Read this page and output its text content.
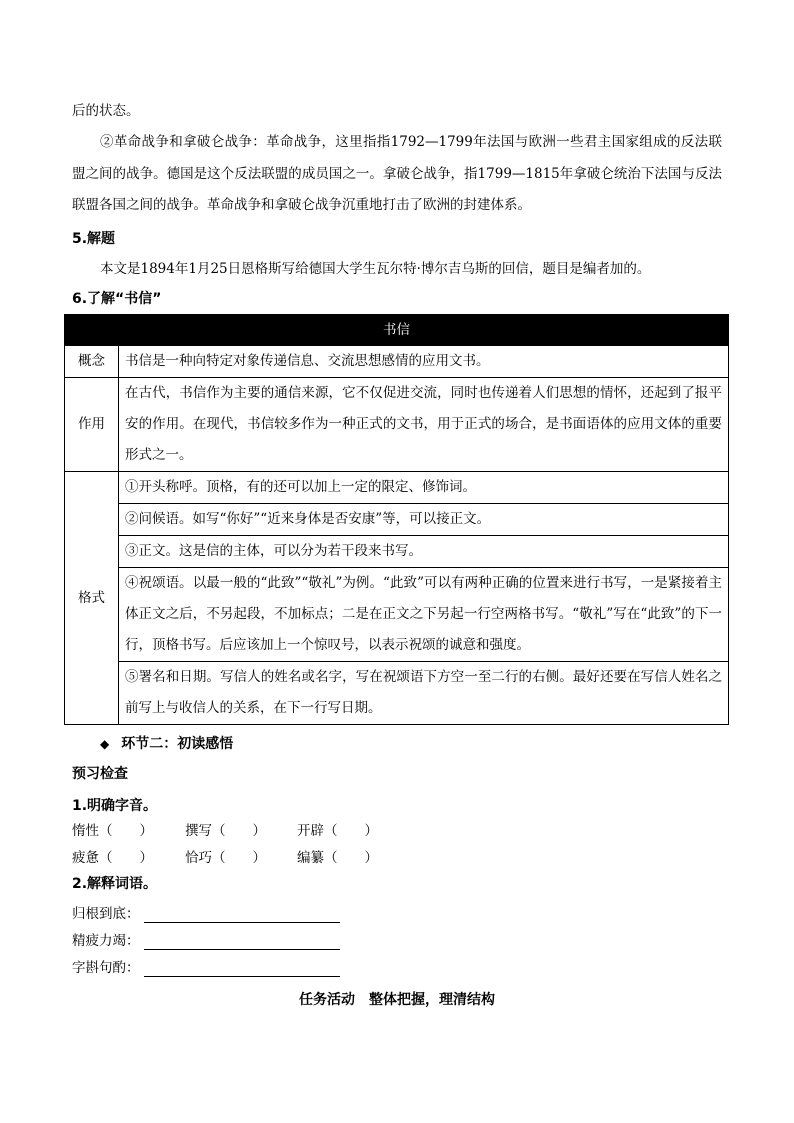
后的状态。
②革命战争和拿破仑战争：革命战争，这里指指1792—1799年法国与欧洲一些君主国家组成的反法联盟之间的战争。德国是这个反法联盟的成员国之一。拿破仑战争，指1799—1815年拿破仑统治下法国与反法联盟各国之间的战争。革命战争和拿破仑战争沉重地打击了欧洲的封建体系。
5.解题
本文是1894年1月25日恩格斯写给德国大学生瓦尔特·博尔吉乌斯的回信，题目是编者加的。
6.了解“书信”
书信	
概念	书信是一种向特定对象传递信息、交流思想感情的应用文书。
作用	在古代，书信作为主要的通信来源，它不仅促进交流，同时也传递着人们思想的情怀，还起到了报平安的作用。在现代，书信较多作为一种正式的文书，用于正式的场合，是书面语体的应用文体的重要形式之一。
格式	①开头称呼。顶格，有的还可以加上一定的限定、修饰词。
	②问候语。如写“你好”“近来身体是否安康”等，可以接正文。
	③正文。这是信的主体，可以分为若干段来书写。
	④祝颂语。以最一般的“此致”“敬礼”为例。“此致”可以有两种正确的位置来进行书写，一是紧接着主体正文之后，不另起段，不加标点；二是在正文之下另起一行空两格书写。“敬礼”写在“此致”的下一行，顶格书写。后应该加上一个惊叹号，以表示祝颂的诚意和强度。
	⑤署名和日期。写信人的姓名或名字，写在祝颂语下方空一至二行的右侧。最好还要在写信人姓名之前写上与收信人的关系，在下一行写日期。
◆ 环节二：初读感悟
预习检查
1.明确字音。
惰性（　　） 撰写（　　） 开辟（　　）
疲惫（　　） 恰巧（　　） 编纂（　　）
2.解释词语。
归根到底：
精疲力竭：
字斟句酌：
任务活动　整体把握，理清结构
